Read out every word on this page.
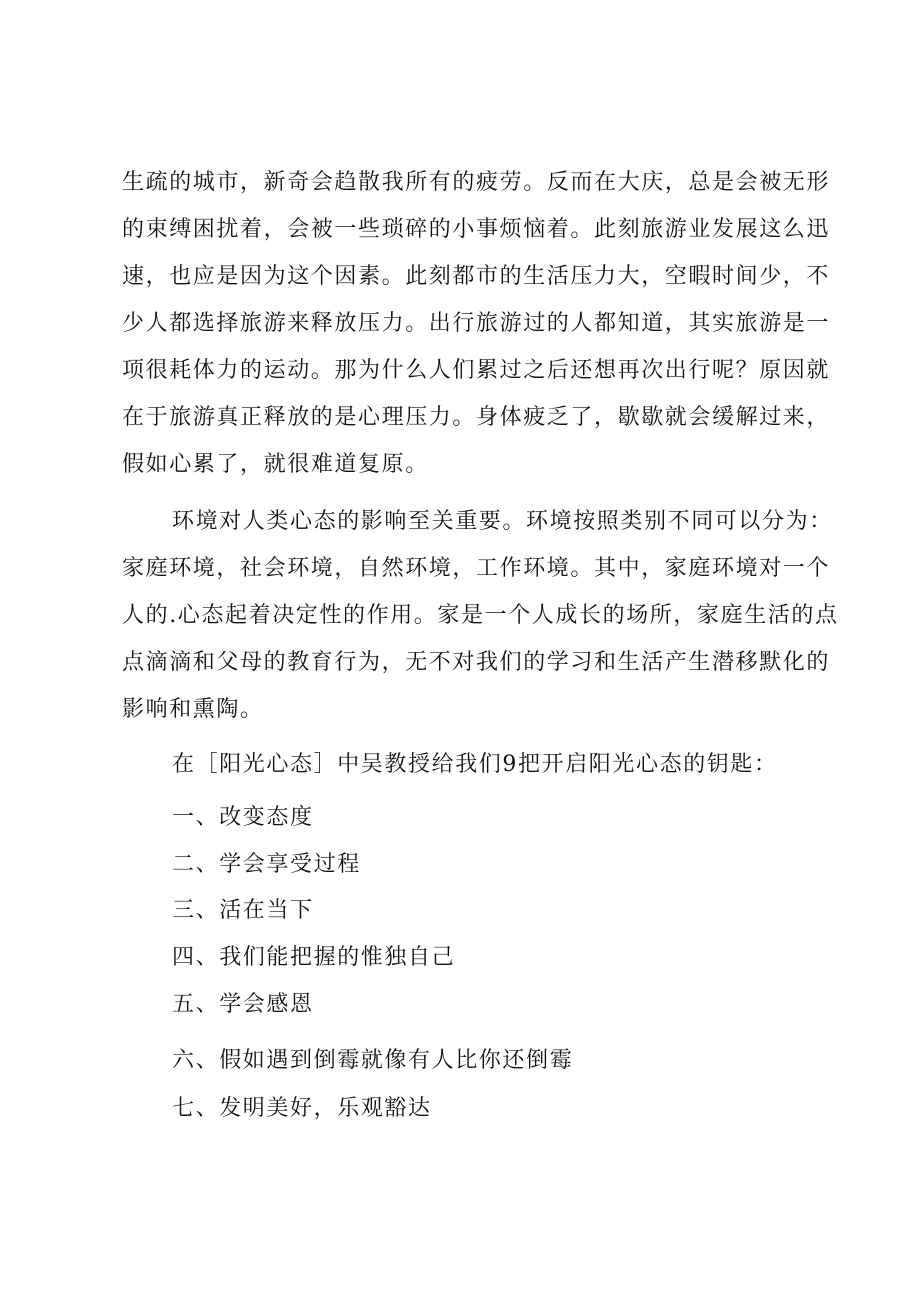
生疏的城市，新奇会趋散我所有的疲劳。反而在大庆，总是会被无形
的束缚困扰着，会被一些琐碎的小事烦恼着。此刻旅游业发展这么迅
速，也应是因为这个因素。此刻都市的生活压力大，空暇时间少，不
少人都选择旅游来释放压力。出行旅游过的人都知道，其实旅游是一
项很耗体力的运动。那为什么人们累过之后还想再次出行呢？原因就
在于旅游真正释放的是心理压力。身体疲乏了，歇歇就会缓解过来，
假如心累了，就很难道复原。
环境对人类心态的影响至关重要。环境按照类别不同可以分为：
家庭环境，社会环境，自然环境，工作环境。其中，家庭环境对一个
人的.心态起着决定性的作用。家是一个人成长的场所，家庭生活的点
点滴滴和父母的教育行为，无不对我们的学习和生活产生潜移默化的
影响和熏陶。
在［阳光心态］中吴教授给我们9把开启阳光心态的钥匙：
一、改变态度
二、学会享受过程
三、活在当下
四、我们能把握的惟独自己
五、学会感恩
六、假如遇到倒霉就像有人比你还倒霉
七、发明美好，乐观豁达
